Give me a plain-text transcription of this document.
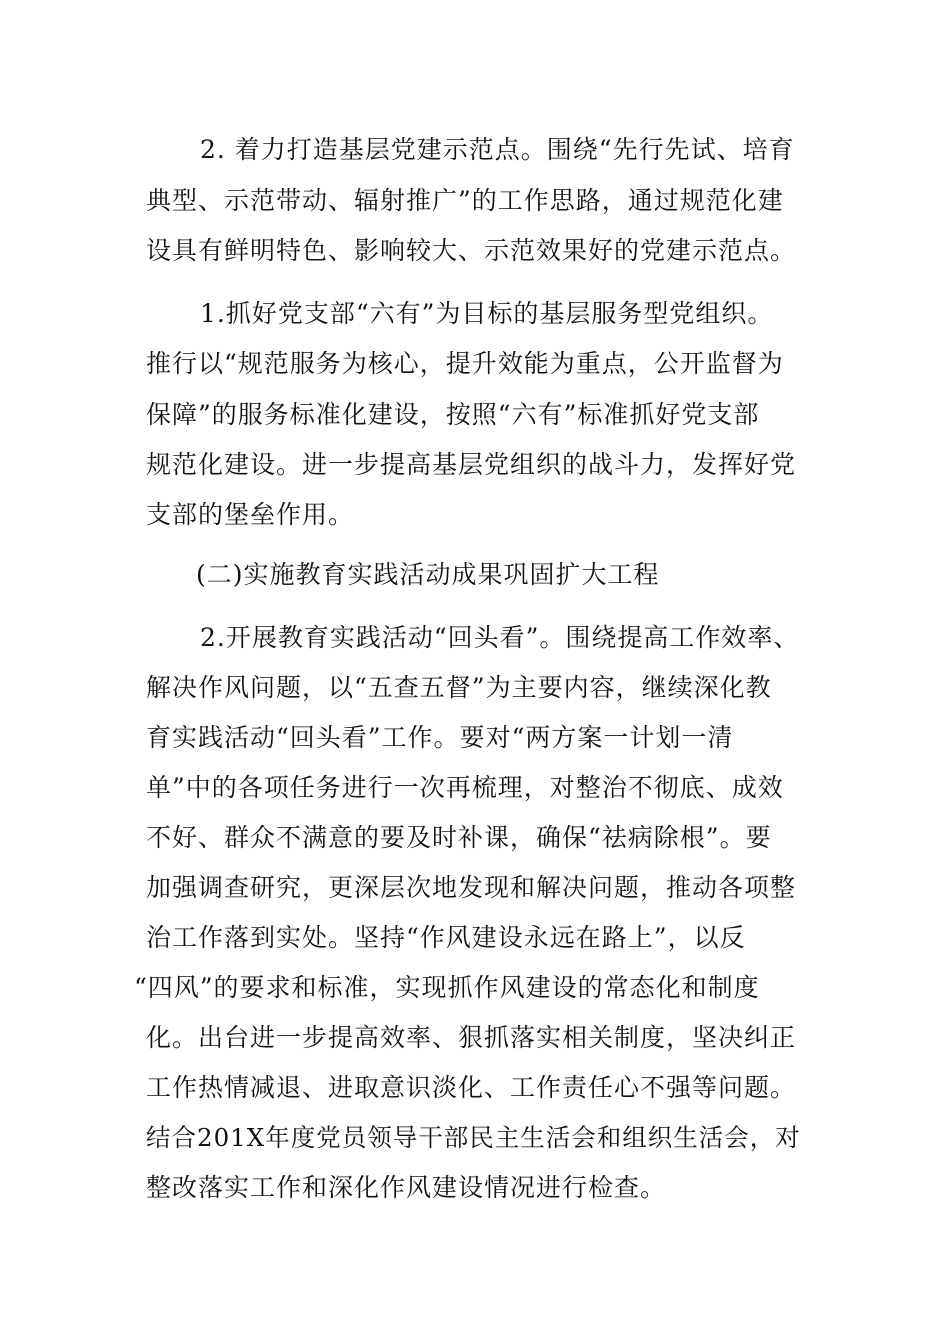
2. 着力打造基层党建示范点。围绕“先行先试、培育
典型、示范带动、辐射推广”的工作思路，通过规范化建
设具有鲜明特色、影响较大、示范效果好的党建示范点。
1.抓好党支部“六有”为目标的基层服务型党组织。
推行以“规范服务为核心，提升效能为重点，公开监督为
保障”的服务标准化建设，按照“六有”标准抓好党支部
规范化建设。进一步提高基层党组织的战斗力，发挥好党
支部的堡垒作用。
(二)实施教育实践活动成果巩固扩大工程
2.开展教育实践活动“回头看”。围绕提高工作效率、
解决作风问题，以“五查五督”为主要内容，继续深化教
育实践活动“回头看”工作。要对“两方案一计划一清
单”中的各项任务进行一次再梳理，对整治不彻底、成效
不好、群众不满意的要及时补课，确保“祛病除根”。要
加强调查研究，更深层次地发现和解决问题，推动各项整
治工作落到实处。坚持“作风建设永远在路上”，以反
“四风”的要求和标准，实现抓作风建设的常态化和制度
化。出台进一步提高效率、狠抓落实相关制度，坚决纠正
工作热情减退、进取意识淡化、工作责任心不强等问题。
结合201X年度党员领导干部民主生活会和组织生活会，对
整改落实工作和深化作风建设情况进行检查。
